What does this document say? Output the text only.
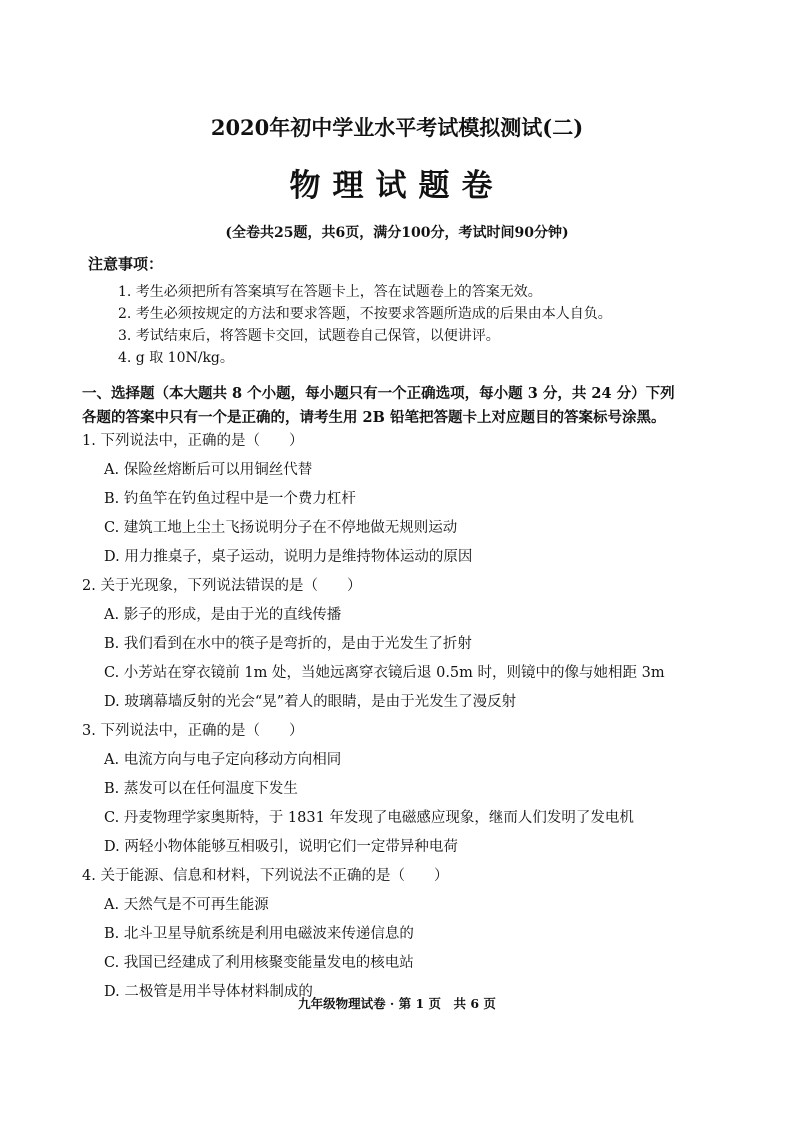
2020年初中学业水平考试模拟测试(二)
物理试题卷
(全卷共25题，共6页，满分100分，考试时间90分钟)
注意事项：
1. 考生必须把所有答案填写在答题卡上，答在试题卷上的答案无效。
2. 考生必须按规定的方法和要求答题，不按要求答题所造成的后果由本人自负。
3. 考试结束后，将答题卡交回，试题卷自己保管，以便讲评。
4. g 取 10N/kg。
一、选择题（本大题共 8 个小题，每小题只有一个正确选项，每小题 3 分，共 24 分）下列
各题的答案中只有一个是正确的，请考生用 2B 铅笔把答题卡上对应题目的答案标号涂黑。
1. 下列说法中，正确的是（　　）
A. 保险丝熔断后可以用铜丝代替
B. 钓鱼竿在钓鱼过程中是一个费力杠杆
C. 建筑工地上尘土飞扬说明分子在不停地做无规则运动
D. 用力推桌子，桌子运动，说明力是维持物体运动的原因
2. 关于光现象，下列说法错误的是（　　）
A. 影子的形成，是由于光的直线传播
B. 我们看到在水中的筷子是弯折的，是由于光发生了折射
C. 小芳站在穿衣镜前 1m 处，当她远离穿衣镜后退 0.5m 时，则镜中的像与她相距 3m
D. 玻璃幕墙反射的光会“晃”着人的眼睛，是由于光发生了漫反射
3. 下列说法中，正确的是（　　）
A. 电流方向与电子定向移动方向相同
B. 蒸发可以在任何温度下发生
C. 丹麦物理学家奥斯特，于 1831 年发现了电磁感应现象，继而人们发明了发电机
D. 两轻小物体能够互相吸引，说明它们一定带异种电荷
4. 关于能源、信息和材料，下列说法不正确的是（　　）
A. 天然气是不可再生能源
B. 北斗卫星导航系统是利用电磁波来传递信息的
C. 我国已经建成了利用核聚变能量发电的核电站
D. 二极管是用半导体材料制成的
九年级物理试卷 · 第 1 页　共 6 页
